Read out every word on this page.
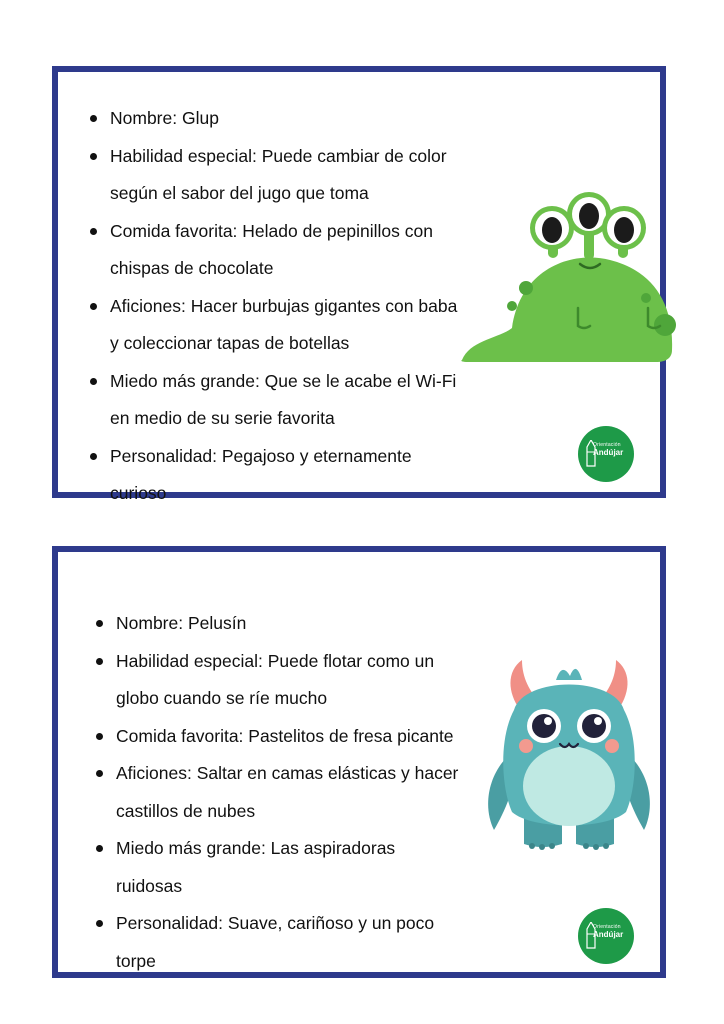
Nombre: Glup
Habilidad especial: Puede cambiar de color según el sabor del jugo que toma
Comida favorita: Helado de pepinillos con chispas de chocolate
Aficiones: Hacer burbujas gigantes con baba y coleccionar tapas de botellas
Miedo más grande: Que se le acabe el Wi-Fi en medio de su serie favorita
Personalidad: Pegajoso y eternamente curioso
Orientación
Andújar
Nombre: Pelusín
Habilidad especial: Puede flotar como un globo cuando se ríe mucho
Comida favorita: Pastelitos de fresa picante
Aficiones: Saltar en camas elásticas y hacer castillos de nubes
Miedo más grande: Las aspiradoras ruidosas
Personalidad: Suave, cariñoso y un poco torpe
Orientación
Andújar
